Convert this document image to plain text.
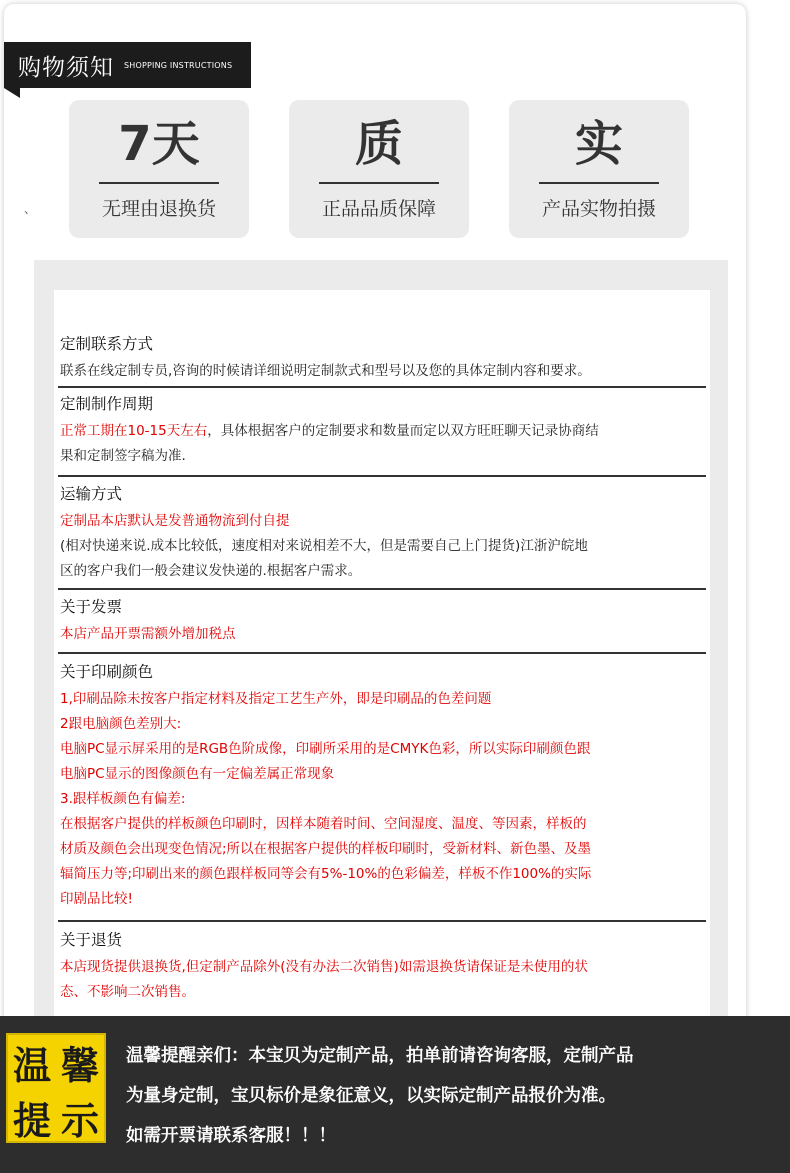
购物须知 SHOPPING INSTRUCTIONS
、
7天
无理由退换货
质
正品品质保障
实
产品实物拍摄
定制联系方式
联系在线定制专员,咨询的时候请详细说明定制款式和型号以及您的具体定制内容和要求。
定制制作周期
正常工期在10-15天左右，具体根据客户的定制要求和数量而定以双方旺旺聊天记录协商结
果和定制签字稿为准.
运输方式
定制品本店默认是发普通物流到付自提
(相对快递来说.成本比较低，速度相对来说相差不大，但是需要自己上门提货)江浙沪皖地
区的客户我们一般会建议发快递的.根据客户需求。
关于发票
本店产品开票需额外增加税点
关于印刷颜色
1,印刷品除未按客户指定材料及指定工艺生产外，即是印刷品的色差问题
2跟电脑颜色差别大:
电脑PC显示屏采用的是RGB色阶成像，印刷所采用的是CMYK色彩，所以实际印刷颜色跟
电脑PC显示的图像颜色有一定偏差属正常现象
3.跟样板颜色有偏差:
在根据客户提供的样板颜色印刷时，因样本随着时间、空间湿度、温度、等因素，样板的
材质及颜色会出现变色情况;所以在根据客户提供的样板印刷时，受新材料、新色墨、及墨
辐简压力等;印刷出来的颜色跟样板同等会有5%-10%的色彩偏差，样板不作100%的实际
印剧品比较!
关于退货
本店现货提供退换货,但定制产品除外(没有办法二次销售)如需退换货请保证是未使用的状
态、不影响二次销售。
温 馨
提 示
温馨提醒亲们：本宝贝为定制产品，拍单前请咨询客服，定制产品
为量身定制，宝贝标价是象征意义，以实际定制产品报价为准。
如需开票请联系客服！！！
